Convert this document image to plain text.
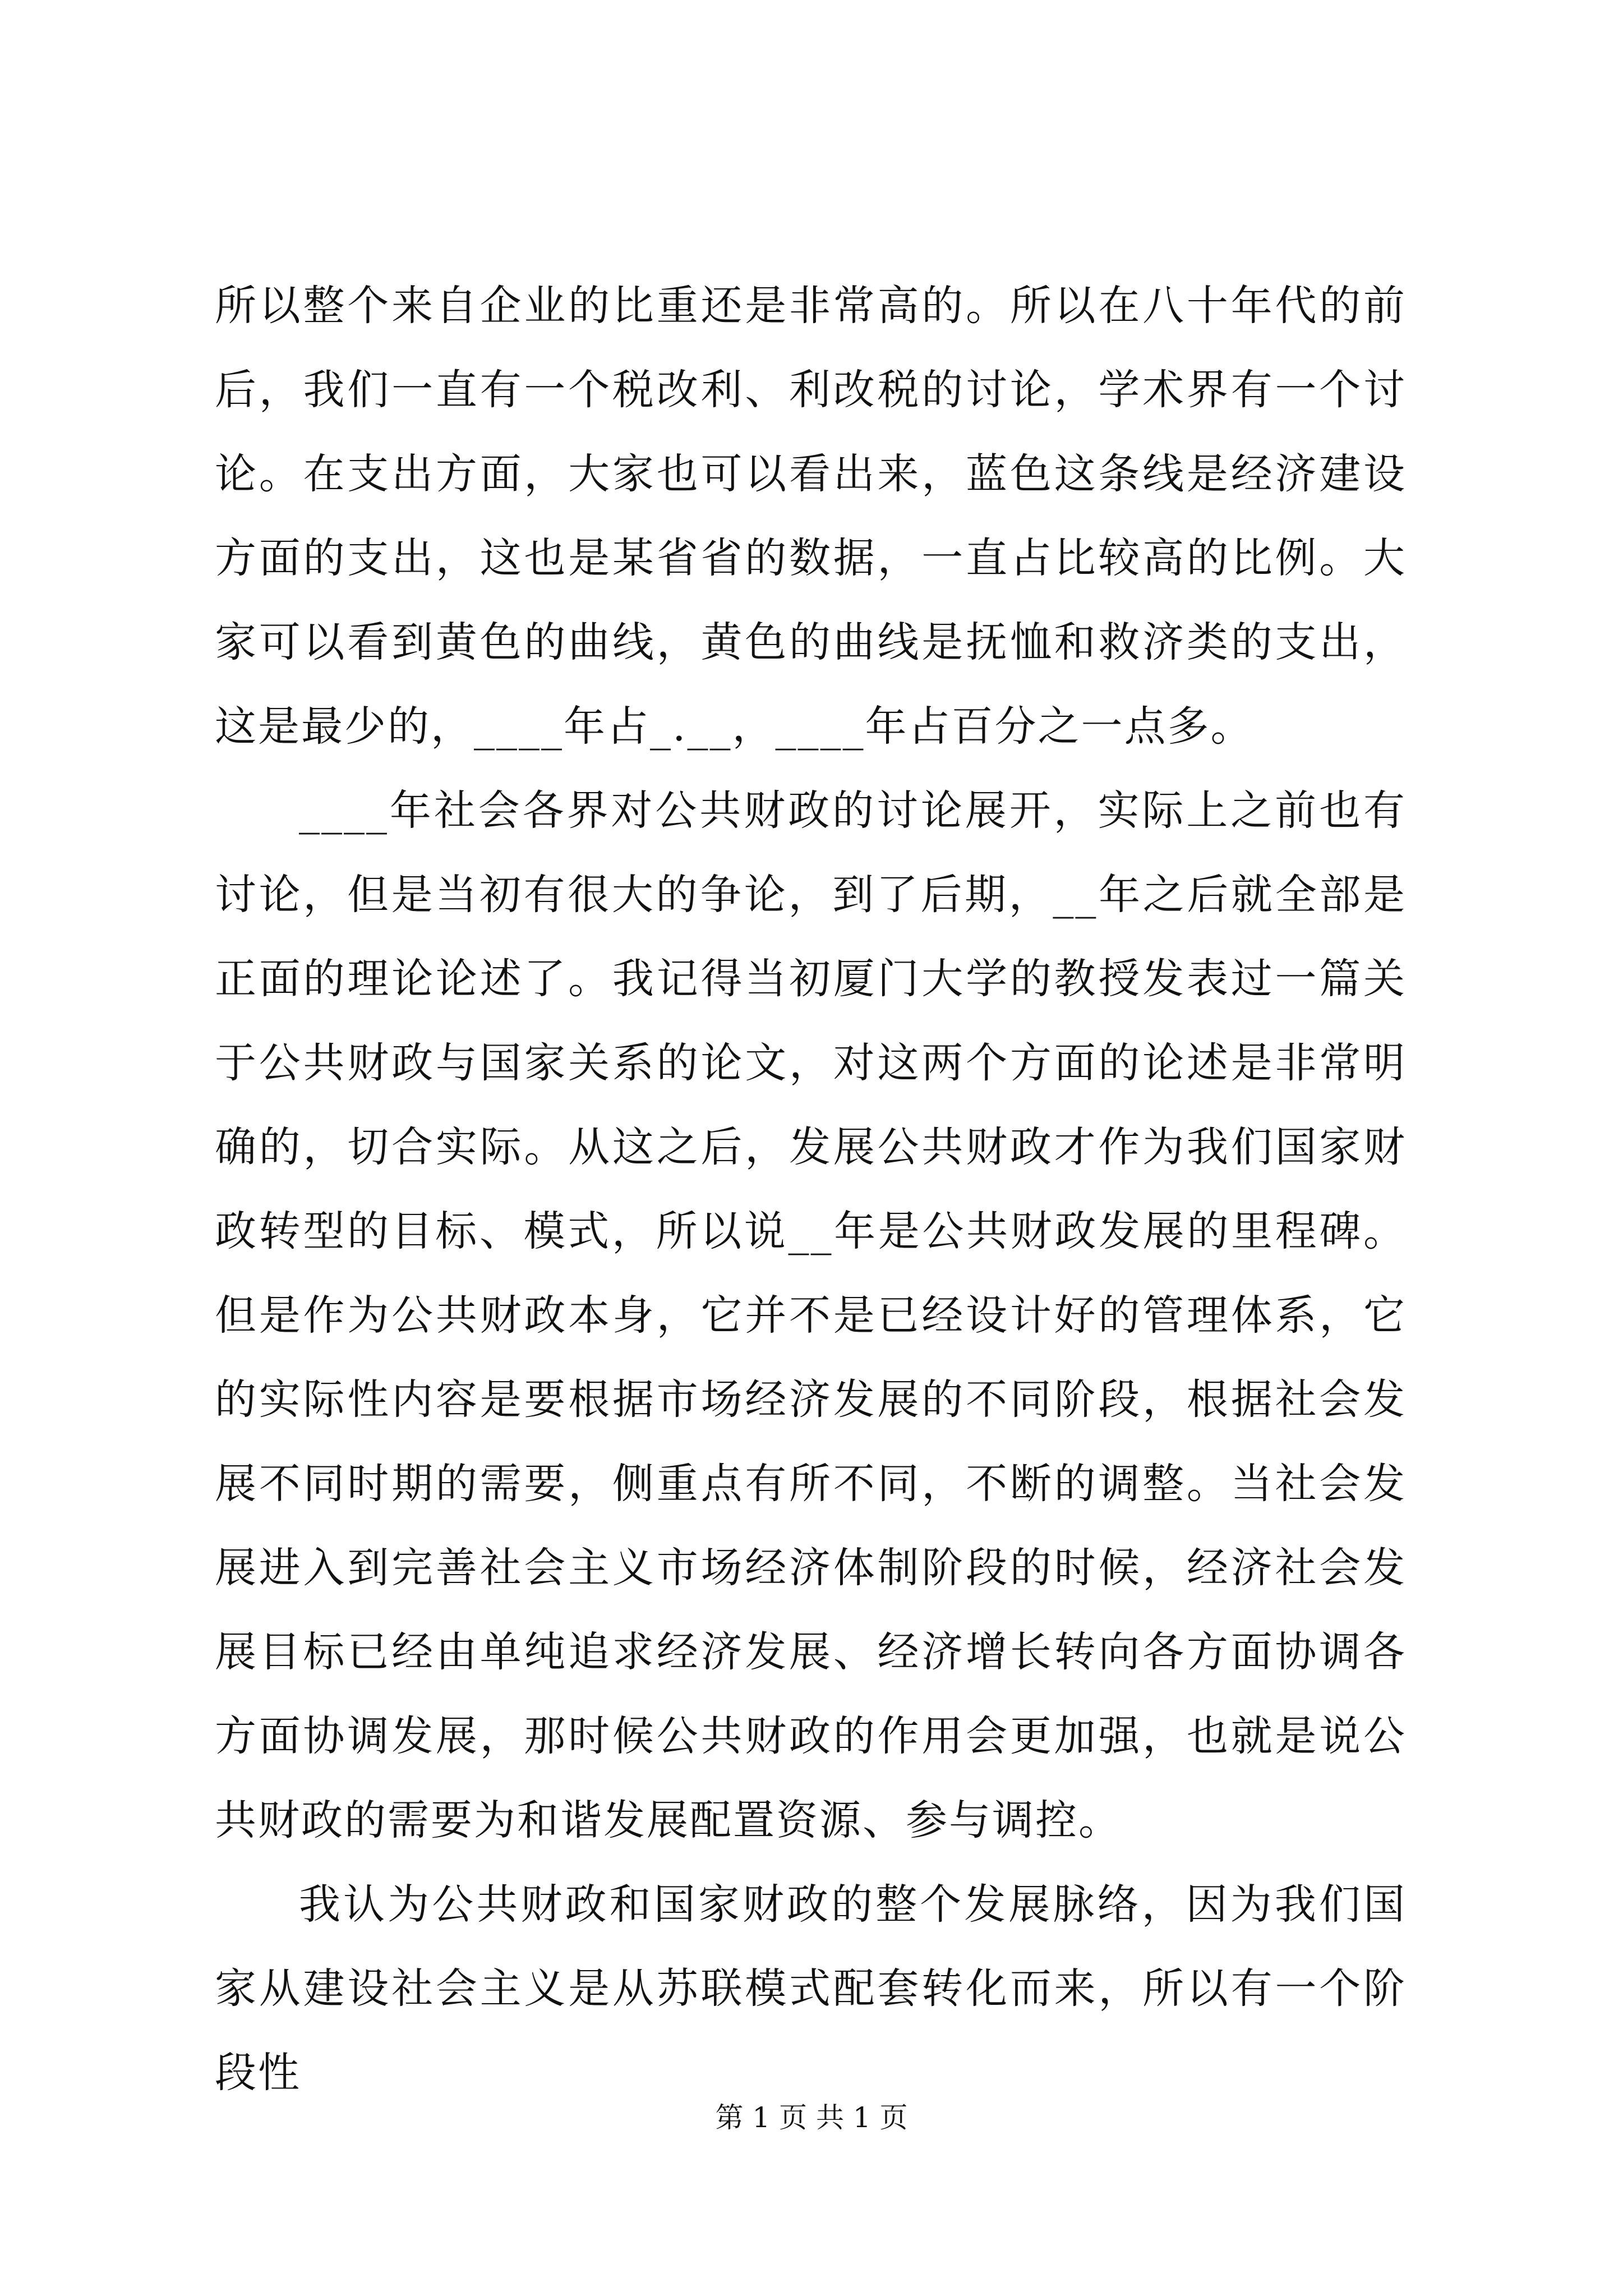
所以整个来自企业的比重还是非常高的。所以在八十年代的前后，我们一直有一个税改利、利改税的讨论，学术界有一个讨论。在支出方面，大家也可以看出来，蓝色这条线是经济建设方面的支出，这也是某省省的数据，一直占比较高的比例。大家可以看到黄色的曲线，黄色的曲线是抚恤和救济类的支出，这是最少的，____年占_.__，____年占百分之一点多。

____年社会各界对公共财政的讨论展开，实际上之前也有讨论，但是当初有很大的争论，到了后期，__年之后就全部是正面的理论论述了。我记得当初厦门大学的教授发表过一篇关于公共财政与国家关系的论文，对这两个方面的论述是非常明确的，切合实际。从这之后，发展公共财政才作为我们国家财政转型的目标、模式，所以说__年是公共财政发展的里程碑。但是作为公共财政本身，它并不是已经设计好的管理体系，它的实际性内容是要根据市场经济发展的不同阶段，根据社会发展不同时期的需要，侧重点有所不同，不断的调整。当社会发展进入到完善社会主义市场经济体制阶段的时候，经济社会发展目标已经由单纯追求经济发展、经济增长转向各方面协调各方面协调发展，那时候公共财政的作用会更加强，也就是说公共财政的需要为和谐发展配置资源、参与调控。

我认为公共财政和国家财政的整个发展脉络，因为我们国家从建设社会主义是从苏联模式配套转化而来，所以有一个阶段性

第 1 页 共 1 页
